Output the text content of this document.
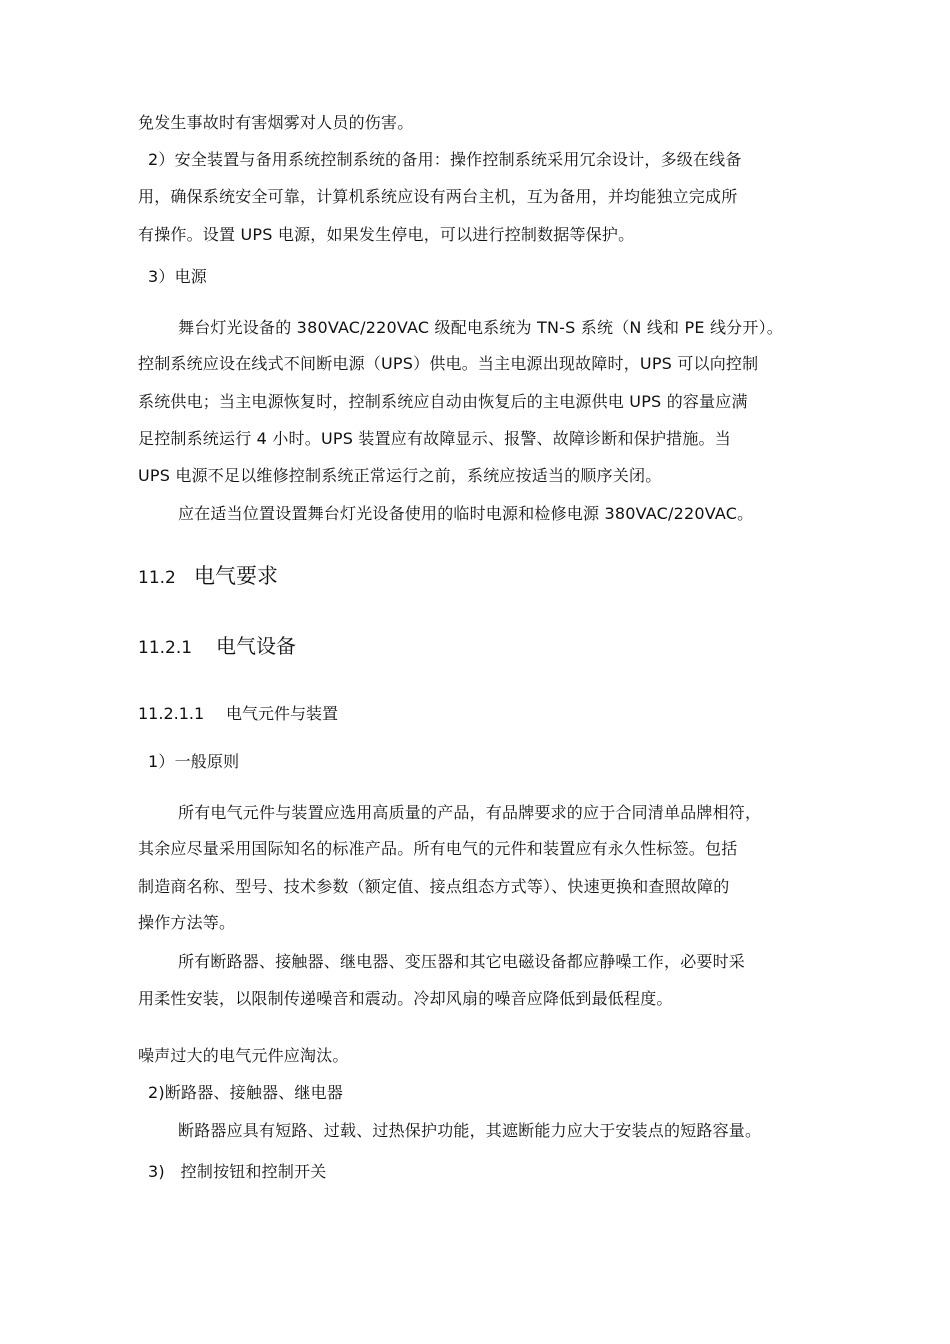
免发生事故时有害烟雾对人员的伤害。
2）安全装置与备用系统控制系统的备用：操作控制系统采用冗余设计，多级在线备
用，确保系统安全可靠，计算机系统应设有两台主机，互为备用，并均能独立完成所
有操作。设置 UPS 电源，如果发生停电，可以进行控制数据等保护。
3）电源
舞台灯光设备的 380VAC/220VAC 级配电系统为 TN-S 系统（N 线和 PE 线分开）。
控制系统应设在线式不间断电源（UPS）供电。当主电源出现故障时，UPS 可以向控制
系统供电；当主电源恢复时，控制系统应自动由恢复后的主电源供电 UPS 的容量应满
足控制系统运行 4 小时。UPS 装置应有故障显示、报警、故障诊断和保护措施。当
UPS 电源不足以维修控制系统正常运行之前，系统应按适当的顺序关闭。
应在适当位置设置舞台灯光设备使用的临时电源和检修电源 380VAC/220VAC。
11.2 电气要求
11.2.1 电气设备
11.2.1.1 电气元件与装置
1）一般原则
所有电气元件与装置应选用高质量的产品，有品牌要求的应于合同清单品牌相符，
其余应尽量采用国际知名的标准产品。所有电气的元件和装置应有永久性标签。包括
制造商名称、型号、技术参数（额定值、接点组态方式等）、快速更换和查照故障的
操作方法等。
所有断路器、接触器、继电器、变压器和其它电磁设备都应静噪工作，必要时采
用柔性安装，以限制传递噪音和震动。冷却风扇的噪音应降低到最低程度。
噪声过大的电气元件应淘汰。
2)断路器、接触器、继电器
断路器应具有短路、过载、过热保护功能，其遮断能力应大于安装点的短路容量。
3)   控制按钮和控制开关
